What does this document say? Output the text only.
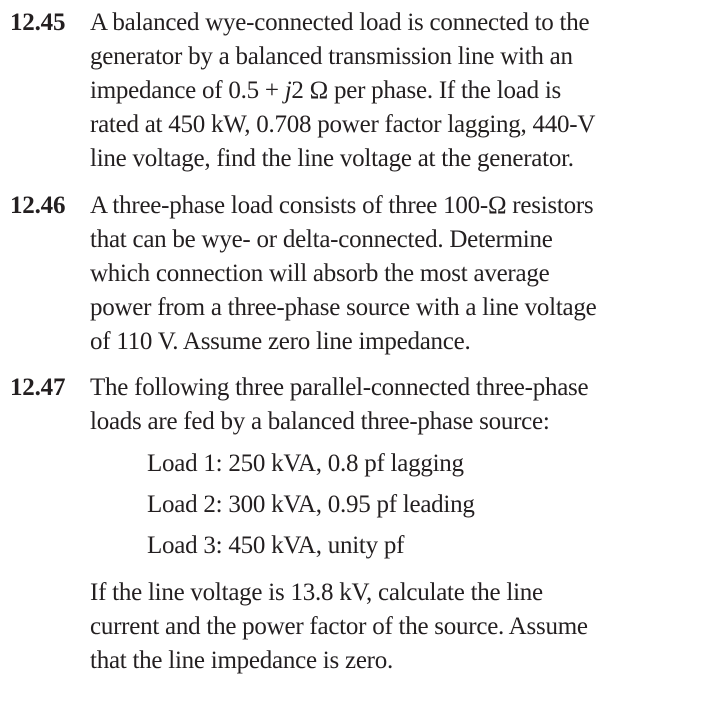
12.45 A balanced wye-connected load is connected to the
generator by a balanced transmission line with an
impedance of 0.5 + j2 Ω per phase. If the load is
rated at 450 kW, 0.708 power factor lagging, 440-V
line voltage, find the line voltage at the generator.
12.46 A three-phase load consists of three 100-Ω resistors
that can be wye- or delta-connected. Determine
which connection will absorb the most average
power from a three-phase source with a line voltage
of 110 V. Assume zero line impedance.
12.47 The following three parallel-connected three-phase
loads are fed by a balanced three-phase source:
Load 1: 250 kVA, 0.8 pf lagging
Load 2: 300 kVA, 0.95 pf leading
Load 3: 450 kVA, unity pf
If the line voltage is 13.8 kV, calculate the line
current and the power factor of the source. Assume
that the line impedance is zero.
